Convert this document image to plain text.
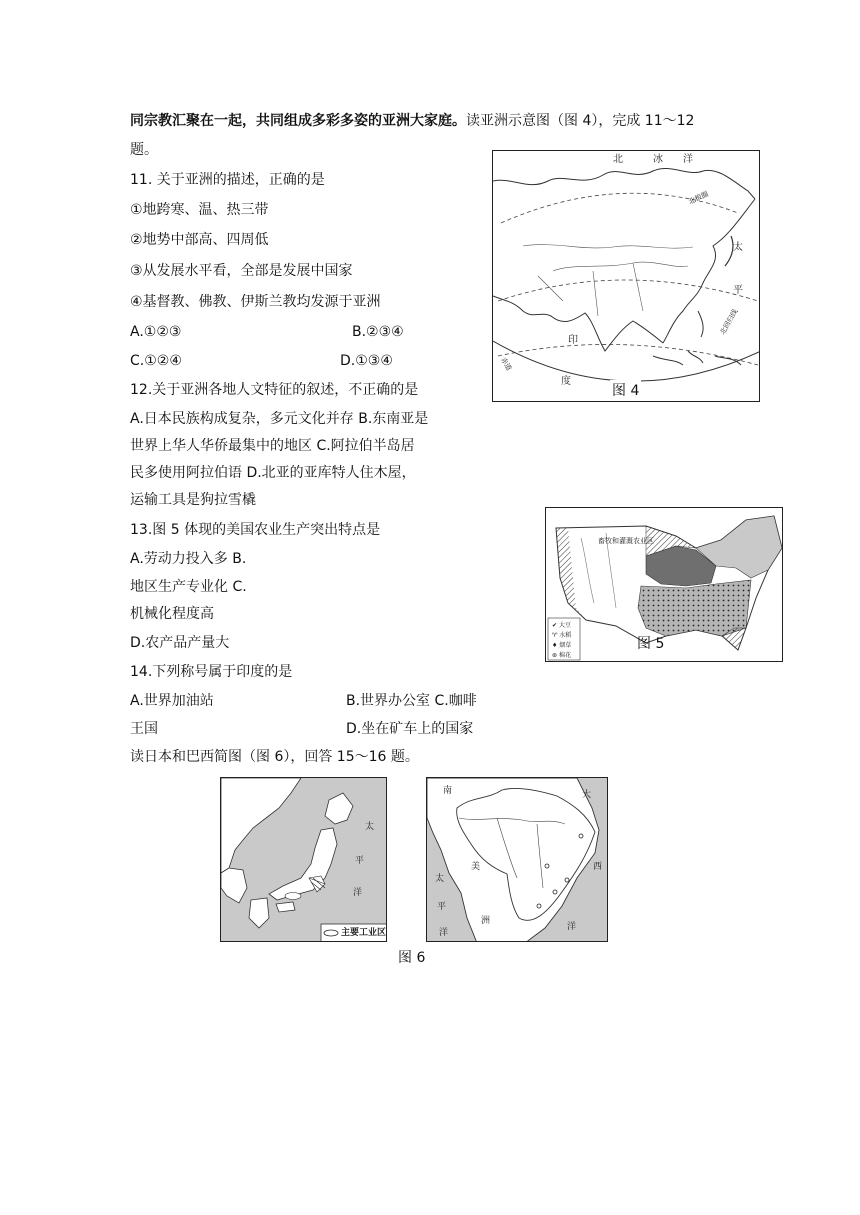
同宗教汇聚在一起，共同组成多彩多姿的亚洲大家庭。读亚洲示意图（图 4），完成 11～12
题。
11. 关于亚洲的描述，正确的是
①地跨寒、温、热三带
②地势中部高、四周低
③从发展水平看，全部是发展中国家
④基督教、佛教、伊斯兰教均发源于亚洲
A.①②③	B.②③④
C.①②④	D.①③④
12.关于亚洲各地人文特征的叙述，不正确的是
A.日本民族构成复杂，多元文化并存 B.东南亚是
世界上华人华侨最集中的地区 C.阿拉伯半岛居
民多使用阿拉伯语 D.北亚的亚库特人住木屋，
运输工具是狗拉雪橇
13.图 5 体现的美国农业生产突出特点是
A.劳动力投入多 B.
地区生产专业化 C.
机械化程度高
D.农产品产量大
14.下列称号属于印度的是
A.世界加油站	B.世界办公室 C.咖啡
王国	D.坐在矿车上的国家
读日本和巴西简图（图 6），回答 15～16 题。
北	冰 洋
北极圈
太
平
北回归线
印
度
赤道
图 4
畜牧和灌溉农业区
✔ 大豆
♈ 水稻
♦ 烟草
⊛ 棉花
图 5
太
平
洋
主要工业区
南	大
西
洋
美
洲
太
平
洋
图 6
